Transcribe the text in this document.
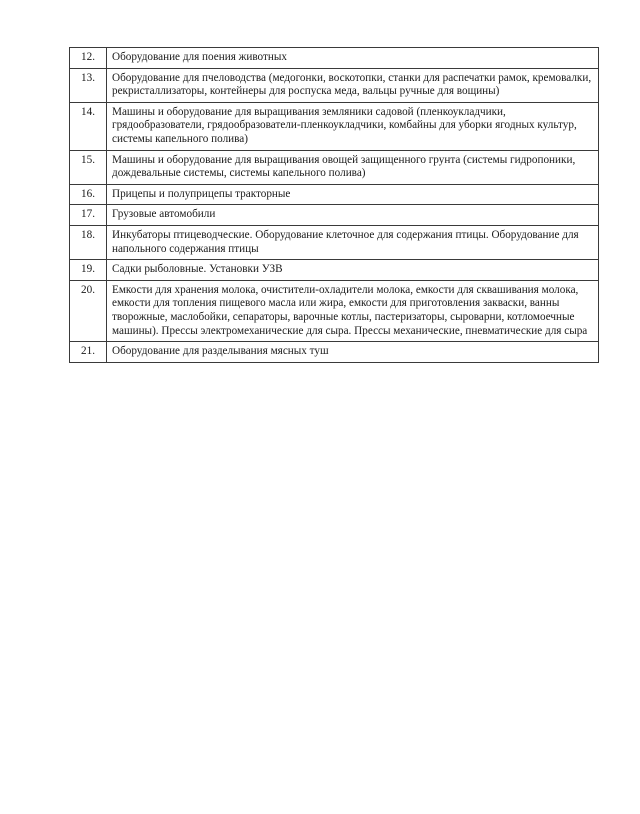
12.	Оборудование для поения животных
13.	Оборудование для пчеловодства (медогонки, воскотопки, станки для распечатки рамок, кремовалки, рекристаллизаторы, контейнеры для роспуска меда, вальцы ручные для вощины)
14.	Машины и оборудование для выращивания земляники садовой (пленкоукладчики, грядообразователи, грядообразователи-пленкоукладчики, комбайны для уборки ягодных культур, системы капельного полива)
15.	Машины и оборудование для выращивания овощей защищенного грунта (системы гидропоники, дождевальные системы, системы капельного полива)
16.	Прицепы и полуприцепы тракторные
17.	Грузовые автомобили
18.	Инкубаторы птицеводческие. Оборудование клеточное для содержания птицы. Оборудование для напольного содержания птицы
19.	Садки рыболовные. Установки УЗВ
20.	Емкости для хранения молока, очистители-охладители молока, емкости для сквашивания молока, емкости для топления пищевого масла или жира, емкости для приготовления закваски, ванны творожные, маслобойки, сепараторы, варочные котлы, пастеризаторы, сыроварни, котломоечные машины). Прессы электромеханические для сыра. Прессы механические, пневматические для сыра
21.	Оборудование для разделывания мясных туш
